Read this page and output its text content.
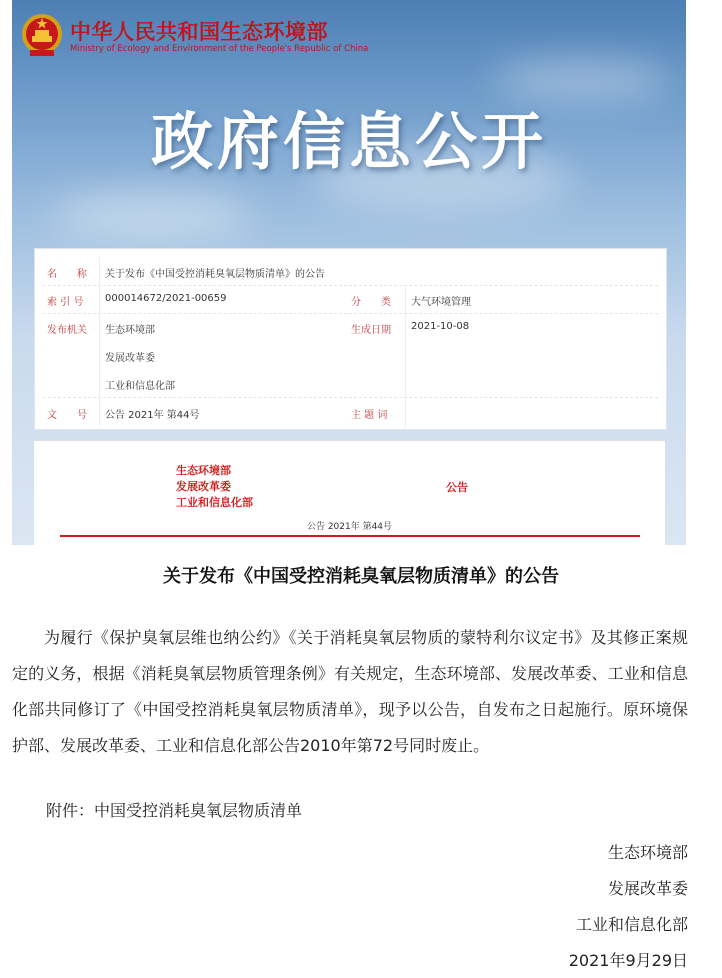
中华人民共和国生态环境部
Ministry of Ecology and Environment of the People's Republic of China
政府信息公开
名　　称 关于发布《中国受控消耗臭氧层物质清单》的公告
索 引 号 000014672/2021-00659	分　　类 大气环境管理
发布机关 生态环境部
发展改革委
工业和信息化部
生成日期 2021-10-08
文　　号 公告 2021年 第44号	主 题 词
生态环境部
发展改革委
工业和信息化部
公告
公告 2021年 第44号
关于发布《中国受控消耗臭氧层物质清单》的公告

为履行《保护臭氧层维也纳公约》《关于消耗臭氧层物质的蒙特利尔议定书》及其修正案规定的义务，根据《消耗臭氧层物质管理条例》有关规定，生态环境部、发展改革委、工业和信息化部共同修订了《中国受控消耗臭氧层物质清单》，现予以公告，自发布之日起施行。原环境保护部、发展改革委、工业和信息化部公告2010年第72号同时废止。

附件：中国受控消耗臭氧层物质清单
生态环境部
发展改革委
工业和信息化部
2021年9月29日
